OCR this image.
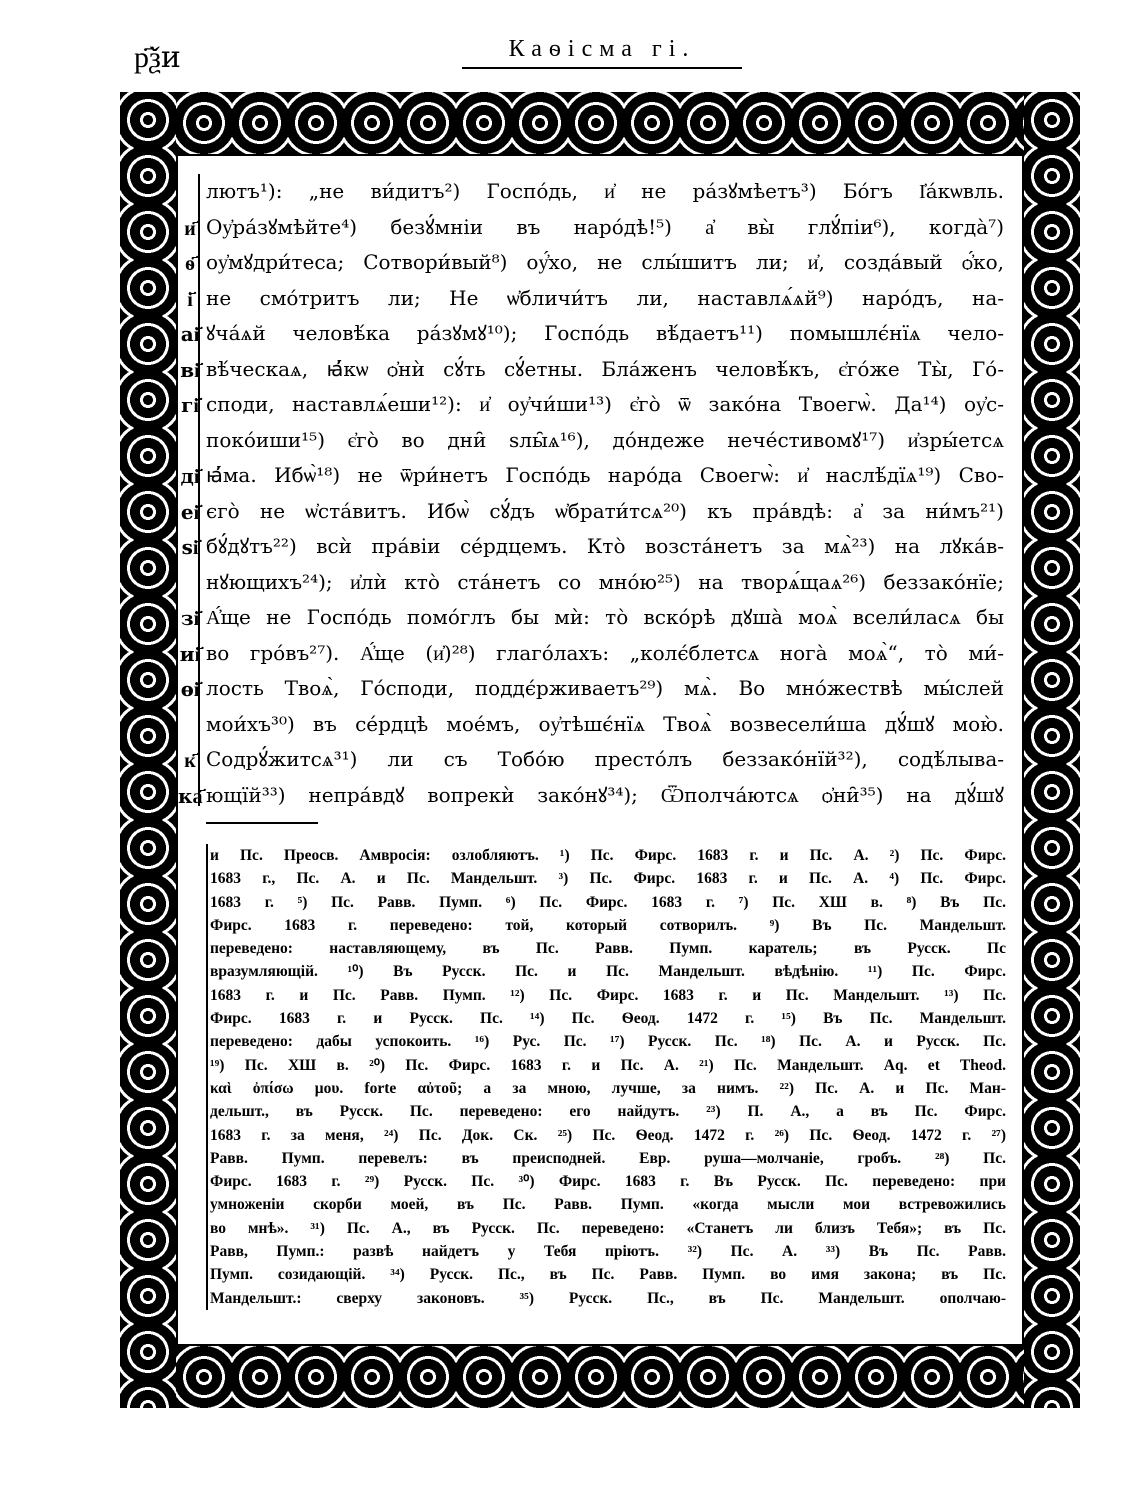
р҃ѯи	Каѳісма гі.
и҃
ѳ҃
і҃
аі҃
ві҃
гі҃
ді҃
еі҃
ѕі҃
зі҃
иі҃
ѳі҃
к҃
ка҃
лютъ¹): „не ви́дитъ²) Госпо́дь, и҆ не ра́зꙋмѣетъ³) Бо́гъ І҆а́кѡвль.
Оу҆ра́зꙋмѣйте⁴) безꙋ́мніи въ наро́дѣ!⁵) а҆ вы̀ глꙋ́піи⁶), когда̀⁷)
оу҆мꙋдри́теса; Сотвори́вый⁸) оу҆́хо, не слы́шитъ ли; и҆, созда́вый ѻ҆́ко,
не смо́тритъ ли; Не ѡ҆бличи́тъ ли, наставлѧ́ѧй⁹) наро́дъ, на-
ꙋча́ѧй человѣ́ка ра́зꙋмꙋ¹⁰); Госпо́дь вѣ́даетъ¹¹) помышлє́нїѧ чело-
вѣ́ческаѧ, ꙗ҆́кѡ ѻ҆нѝ сꙋ́ть сꙋ́етны. Бла́женъ человѣ́къ, є҆го́же Ты̀, Го́-
споди, наставлѧ́еши¹²): и҆ оу҆чи́ши¹³) є҆го̀ ѿ зако́на Твоегѡ̀. Да¹⁴) оу҆с-
поко́иши¹⁵) є҆го̀ во дни̑ ѕлы̑ѧ¹⁶), до́ндеже нече́стивомꙋ¹⁷) и҆зры́етсѧ
ꙗ҆́ма. Ибѡ̀¹⁸) не ѿри́нетъ Госпо́дь наро́да Своегѡ̀: и҆ наслѣ́дїѧ¹⁹) Сво-
єго̀ не ѡ҆ста́витъ. Ибѡ̀ сꙋ́дъ ѡ҆брати́тсѧ²⁰) къ пра́вдѣ: а҆ за ни́мъ²¹)
бꙋ́дꙋтъ²²) всѝ пра́віи се́рдцемъ. Кто̀ возста́нетъ за мѧ̀²³) на лꙋка́в-
нꙋющихъ²⁴); и҆лѝ кто̀ ста́нетъ со мно́ю²⁵) на творѧ́щаѧ²⁶) беззако́нїе;
А҆́ще не Госпо́дь помо́глъ бы мѝ: то̀ вско́рѣ дꙋша̀ моѧ̀ всели́ласѧ бы
во гро́въ²⁷). А҆́ще (и҆)²⁸) глаго́лахъ: „колє́блетсѧ нога̀ моѧ̀“, то̀ ми́-
лость Твоѧ̀, Го́споди, поддє́рживаетъ²⁹) мѧ̀. Во мно́жествѣ мы́слей
мои́хъ³⁰) въ се́рдцѣ мое́мъ, оу҆тѣшє́нїѧ Твоѧ̀ возвесели́ша дꙋ́шꙋ мою̀.
Содрꙋ́житсѧ³¹) ли съ Тобо́ю престо́лъ беззако́нїй³²), содѣ́лыва-
ющїй³³) непра́вдꙋ вопрекѝ зако́нꙋ³⁴); Ѿполча́ютсѧ ѻ҆ни̑³⁵) на дꙋ́шꙋ
и Пс. Преосв. Амвросія: озлобляютъ. ¹) Пс. Фирс. 1683 г. и Пс. А. ²) Пс. Фирс.
1683 г., Пс. А. и Пс. Мандельшт. ³) Пс. Фирс. 1683 г. и Пс. А. ⁴) Пс. Фирс.
1683 г. ⁵) Пс. Равв. Пумп. ⁶) Пс. Фирс. 1683 г. ⁷) Пс. ХШ в. ⁸) Въ Пс.
Фирс. 1683 г. переведено: той, который сотворилъ. ⁹) Въ Пс. Мандельшт.
переведено: наставляющему, въ Пс. Равв. Пумп. каратель; въ Русск. Пс
вразумляющій. ¹⁰) Въ Русск. Пс. и Пс. Мандельшт. вѣдѣнію. ¹¹) Пс. Фирс.
1683 г. и Пс. Равв. Пумп. ¹²) Пс. Фирс. 1683 г. и Пс. Мандельшт. ¹³) Пс.
Фирс. 1683 г. и Русск. Пс. ¹⁴) Пс. Ѳеод. 1472 г. ¹⁵) Въ Пс. Мандельшт.
переведено: дабы успокоить. ¹⁶) Рус. Пс. ¹⁷) Русск. Пс. ¹⁸) Пс. А. и Русск. Пс.
¹⁹) Пс. ХШ в. ²⁰) Пс. Фирс. 1683 г. и Пс. А. ²¹) Пс. Мандельшт. Aq. et Theod.
καὶ ὀπίσω μου. forte αὐτοῦ; а за мною, лучше, за нимъ. ²²) Пс. А. и Пс. Ман-
дельшт., въ Русск. Пс. переведено: его найдутъ. ²³) П. А., а въ Пс. Фирс.
1683 г. за меня, ²⁴) Пс. Док. Ск. ²⁵) Пс. Ѳеод. 1472 г. ²⁶) Пс. Ѳеод. 1472 г. ²⁷)
Равв. Пумп. перевелъ: въ преисподней. Евр. руша—молчаніе, гробъ. ²⁸) Пс.
Фирс. 1683 г. ²⁹) Русск. Пс. ³⁰) Фирс. 1683 г. Въ Русск. Пс. переведено: при
умноженіи скорби моей, въ Пс. Равв. Пумп. «когда мысли мои встревожились
во мнѣ». ³¹) Пс. А., въ Русск. Пс. переведено: «Станетъ ли близъ Тебя»; въ Пс.
Равв, Пумп.: развѣ найдетъ у Тебя пріютъ. ³²) Пс. А. ³³) Въ Пс. Равв.
Пумп. созидающій. ³⁴) Русск. Пс., въ Пс. Равв. Пумп. во имя закона; въ Пс.
Мандельшт.: сверху законовъ. ³⁵) Русск. Пс., въ Пс. Мандельшт. ополчаю-
